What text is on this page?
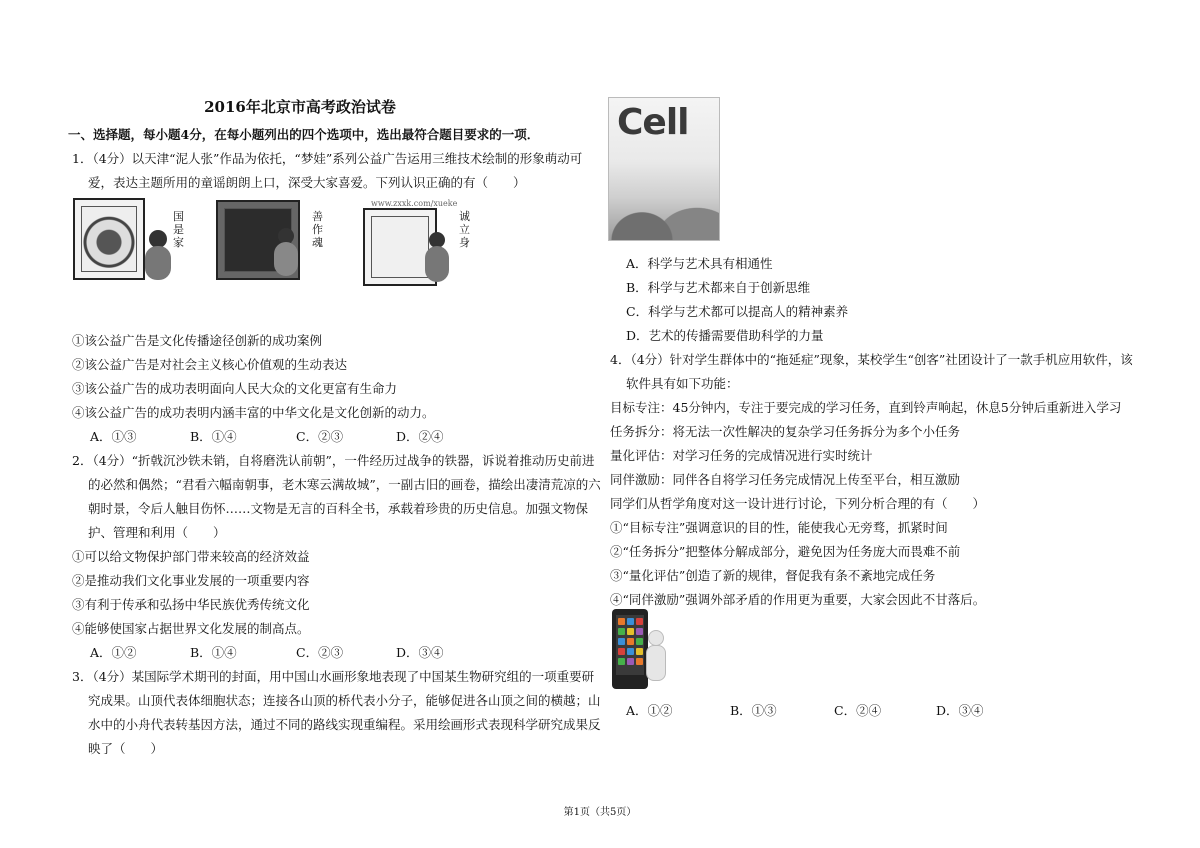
2016年北京市高考政治试卷
一、选择题，每小题4分，在每小题列出的四个选项中，选出最符合题目要求的一项．
1．（4分）以天津“泥人张”作品为依托，“梦娃”系列公益广告运用三维技术绘制的形象萌动可
爱，表达主题所用的童谣朗朗上口，深受大家喜爱。下列认识正确的有（　　）
国是家
善作魂
www.zxxk.com/xueke
诚立身
①该公益广告是文化传播途径创新的成功案例
②该公益广告是对社会主义核心价值观的生动表达
③该公益广告的成功表明面向人民大众的文化更富有生命力
④该公益广告的成功表明内涵丰富的中华文化是文化创新的动力。
A．①③	B．①④	C．②③	D．②④
2．（4分）“折戟沉沙铁未销，自将磨洗认前朝”，一件经历过战争的铁器，诉说着推动历史前进
的必然和偶然；“君看六幅南朝事，老木寒云满故城”，一副古旧的画卷，描绘出凄清荒凉的六
朝时景，令后人触目伤怀……文物是无言的百科全书，承载着珍贵的历史信息。加强文物保
护、管理和利用（　　）
①可以给文物保护部门带来较高的经济效益
②是推动我们文化事业发展的一项重要内容
③有利于传承和弘扬中华民族优秀传统文化
④能够使国家占据世界文化发展的制高点。
A．①②	B．①④	C．②③	D．③④
3．（4分）某国际学术期刊的封面，用中国山水画形象地表现了中国某生物研究组的一项重要研
究成果。山顶代表体细胞状态；连接各山顶的桥代表小分子，能够促进各山顶之间的横越；山
水中的小舟代表转基因方法，通过不同的路线实现重编程。采用绘画形式表现科学研究成果反
映了（　　）
Cell
A．科学与艺术具有相通性
B．科学与艺术都来自于创新思维
C．科学与艺术都可以提高人的精神素养
D．艺术的传播需要借助科学的力量
4．（4分）针对学生群体中的“拖延症”现象，某校学生“创客”社团设计了一款手机应用软件，该
软件具有如下功能：
目标专注：45分钟内，专注于要完成的学习任务，直到铃声响起，休息5分钟后重新进入学习
任务拆分：将无法一次性解决的复杂学习任务拆分为多个小任务
量化评估：对学习任务的完成情况进行实时统计
同伴激励：同伴各自将学习任务完成情况上传至平台，相互激励
同学们从哲学角度对这一设计进行讨论，下列分析合理的有（　　）
①“目标专注”强调意识的目的性，能使我心无旁骛，抓紧时间
②“任务拆分”把整体分解成部分，避免因为任务庞大而畏难不前
③“量化评估”创造了新的规律，督促我有条不紊地完成任务
④“同伴激励”强调外部矛盾的作用更为重要，大家会因此不甘落后。
A．①②	B．①③	C．②④	D．③④
第1页（共5页）
